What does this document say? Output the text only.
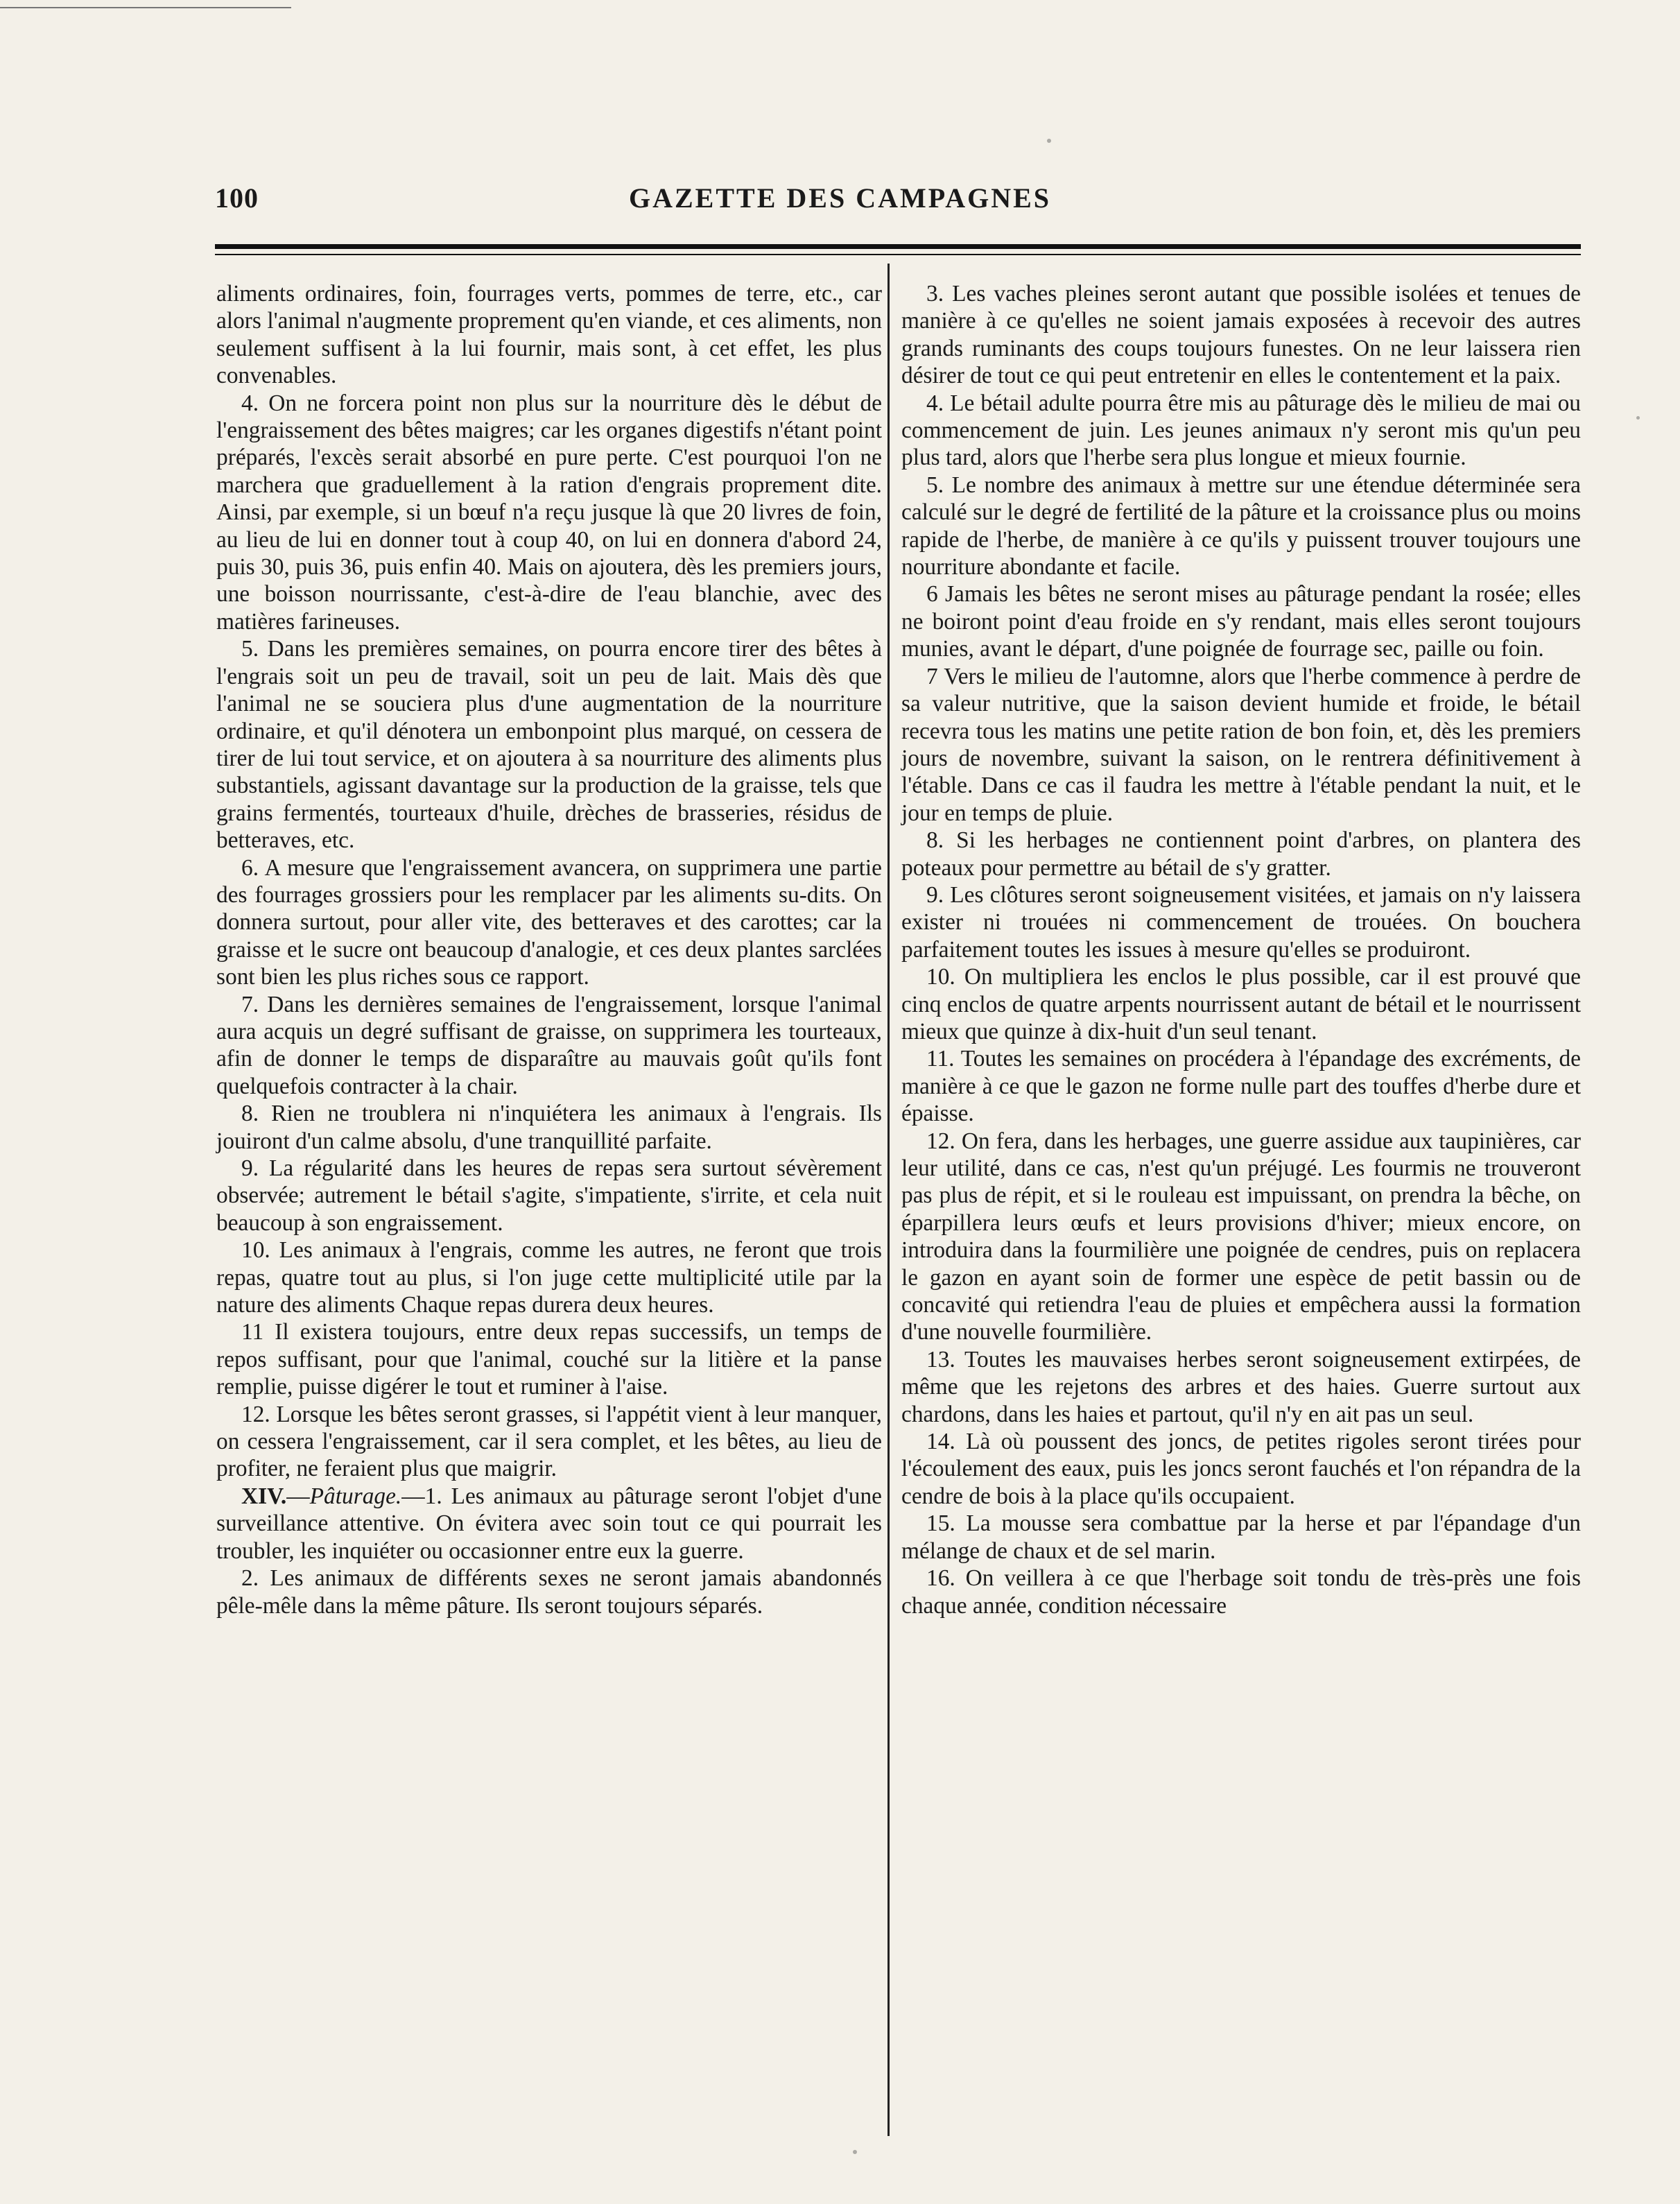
100	GAZETTE DES CAMPAGNES

aliments ordinaires, foin, fourrages verts, pommes de terre, etc., car alors l'animal n'augmente proprement qu'en viande, et ces aliments, non seulement suffisent à la lui fournir, mais sont, à cet effet, les plus convenables.

4. On ne forcera point non plus sur la nourriture dès le début de l'engraissement des bêtes maigres; car les organes digestifs n'étant point préparés, l'excès serait absorbé en pure perte. C'est pourquoi l'on ne marchera que graduellement à la ration d'engrais proprement dite. Ainsi, par exemple, si un bœuf n'a reçu jusque là que 20 livres de foin, au lieu de lui en donner tout à coup 40, on lui en donnera d'abord 24, puis 30, puis 36, puis enfin 40. Mais on ajoutera, dès les premiers jours, une boisson nourrissante, c'est-à-dire de l'eau blanchie, avec des matières farineuses.

5. Dans les premières semaines, on pourra encore tirer des bêtes à l'engrais soit un peu de travail, soit un peu de lait. Mais dès que l'animal ne se souciera plus d'une augmentation de la nourriture ordinaire, et qu'il dénotera un embonpoint plus marqué, on cessera de tirer de lui tout service, et on ajoutera à sa nourriture des aliments plus substantiels, agissant davantage sur la production de la graisse, tels que grains fermentés, tourteaux d'huile, drèches de brasseries, résidus de betteraves, etc.

6. A mesure que l'engraissement avancera, on supprimera une partie des fourrages grossiers pour les remplacer par les aliments su-dits. On donnera surtout, pour aller vite, des betteraves et des carottes; car la graisse et le sucre ont beaucoup d'analogie, et ces deux plantes sarclées sont bien les plus riches sous ce rapport.

7. Dans les dernières semaines de l'engraissement, lorsque l'animal aura acquis un degré suffisant de graisse, on supprimera les tourteaux, afin de donner le temps de disparaître au mauvais goût qu'ils font quelquefois contracter à la chair.

8. Rien ne troublera ni n'inquiétera les animaux à l'engrais. Ils jouiront d'un calme absolu, d'une tranquillité parfaite.

9. La régularité dans les heures de repas sera surtout sévèrement observée; autrement le bétail s'agite, s'impatiente, s'irrite, et cela nuit beaucoup à son engraissement.

10. Les animaux à l'engrais, comme les autres, ne feront que trois repas, quatre tout au plus, si l'on juge cette multiplicité utile par la nature des aliments Chaque repas durera deux heures.

11 Il existera toujours, entre deux repas successifs, un temps de repos suffisant, pour que l'animal, couché sur la litière et la panse remplie, puisse digérer le tout et ruminer à l'aise.

12. Lorsque les bêtes seront grasses, si l'appétit vient à leur manquer, on cessera l'engraissement, car il sera complet, et les bêtes, au lieu de profiter, ne feraient plus que maigrir.

XIV.—Pâturage.—1. Les animaux au pâturage seront l'objet d'une surveillance attentive. On évitera avec soin tout ce qui pourrait les troubler, les inquiéter ou occasionner entre eux la guerre.

2. Les animaux de différents sexes ne seront jamais abandonnés pêle-mêle dans la même pâture. Ils seront toujours séparés.

3. Les vaches pleines seront autant que possible isolées et tenues de manière à ce qu'elles ne soient jamais exposées à recevoir des autres grands ruminants des coups toujours funestes. On ne leur laissera rien désirer de tout ce qui peut entretenir en elles le contentement et la paix.

4. Le bétail adulte pourra être mis au pâturage dès le milieu de mai ou commencement de juin. Les jeunes animaux n'y seront mis qu'un peu plus tard, alors que l'herbe sera plus longue et mieux fournie.

5. Le nombre des animaux à mettre sur une étendue déterminée sera calculé sur le degré de fertilité de la pâture et la croissance plus ou moins rapide de l'herbe, de manière à ce qu'ils y puissent trouver toujours une nourriture abondante et facile.

6 Jamais les bêtes ne seront mises au pâturage pendant la rosée; elles ne boiront point d'eau froide en s'y rendant, mais elles seront toujours munies, avant le départ, d'une poignée de fourrage sec, paille ou foin.

7 Vers le milieu de l'automne, alors que l'herbe commence à perdre de sa valeur nutritive, que la saison devient humide et froide, le bétail recevra tous les matins une petite ration de bon foin, et, dès les premiers jours de novembre, suivant la saison, on le rentrera définitivement à l'étable. Dans ce cas il faudra les mettre à l'étable pendant la nuit, et le jour en temps de pluie.

8. Si les herbages ne contiennent point d'arbres, on plantera des poteaux pour permettre au bétail de s'y gratter.

9. Les clôtures seront soigneusement visitées, et jamais on n'y laissera exister ni trouées ni commencement de trouées. On bouchera parfaitement toutes les issues à mesure qu'elles se produiront.

10. On multipliera les enclos le plus possible, car il est prouvé que cinq enclos de quatre arpents nourrissent autant de bétail et le nourrissent mieux que quinze à dix-huit d'un seul tenant.

11. Toutes les semaines on procédera à l'épandage des excréments, de manière à ce que le gazon ne forme nulle part des touffes d'herbe dure et épaisse.

12. On fera, dans les herbages, une guerre assidue aux taupinières, car leur utilité, dans ce cas, n'est qu'un préjugé. Les fourmis ne trouveront pas plus de répit, et si le rouleau est impuissant, on prendra la bêche, on éparpillera leurs œufs et leurs provisions d'hiver; mieux encore, on introduira dans la fourmilière une poignée de cendres, puis on replacera le gazon en ayant soin de former une espèce de petit bassin ou de concavité qui retiendra l'eau de pluies et empêchera aussi la formation d'une nouvelle fourmilière.

13. Toutes les mauvaises herbes seront soigneusement extirpées, de même que les rejetons des arbres et des haies. Guerre surtout aux chardons, dans les haies et partout, qu'il n'y en ait pas un seul.

14. Là où poussent des joncs, de petites rigoles seront tirées pour l'écoulement des eaux, puis les joncs seront fauchés et l'on répandra de la cendre de bois à la place qu'ils occupaient.

15. La mousse sera combattue par la herse et par l'épandage d'un mélange de chaux et de sel marin.

16. On veillera à ce que l'herbage soit tondu de très-près une fois chaque année, condition nécessaire
